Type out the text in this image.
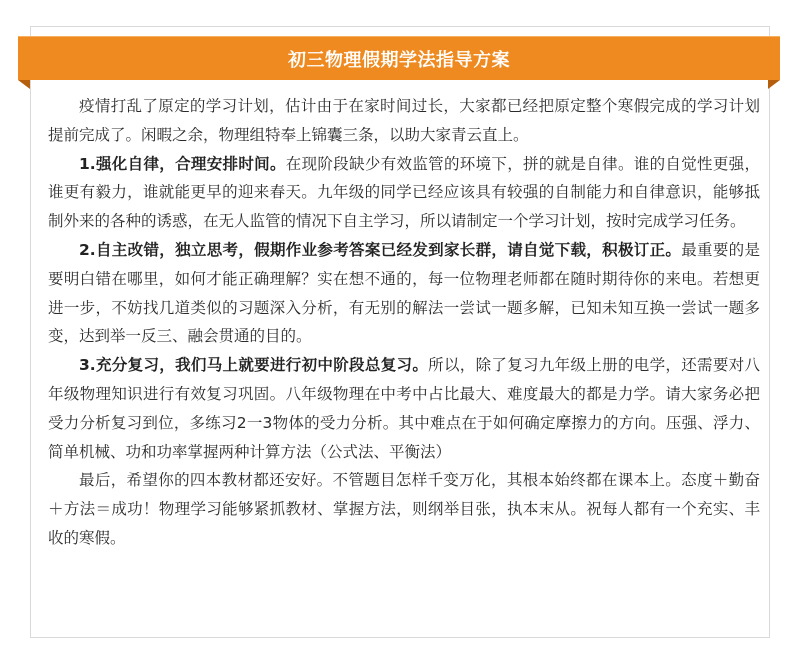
初三物理假期学法指导方案

疫情打乱了原定的学习计划，估计由于在家时间过长，大家都已经把原定整个寒假完成的学习计划提前完成了。闲暇之余，物理组特奉上锦囊三条，以助大家青云直上。

1.强化自律，合理安排时间。在现阶段缺少有效监管的环境下，拼的就是自律。谁的自觉性更强，谁更有毅力，谁就能更早的迎来春天。九年级的同学已经应该具有较强的自制能力和自律意识，能够抵制外来的各种的诱惑，在无人监管的情况下自主学习，所以请制定一个学习计划，按时完成学习任务。

2.自主改错，独立思考，假期作业参考答案已经发到家长群，请自觉下载，积极订正。最重要的是要明白错在哪里，如何才能正确理解？实在想不通的，每一位物理老师都在随时期待你的来电。若想更进一步，不妨找几道类似的习题深入分析，有无别的解法一尝试一题多解，已知未知互换一尝试一题多变，达到举一反三、融会贯通的目的。

3.充分复习，我们马上就要进行初中阶段总复习。所以，除了复习九年级上册的电学，还需要对八年级物理知识进行有效复习巩固。八年级物理在中考中占比最大、难度最大的都是力学。请大家务必把受力分析复习到位，多练习2一3物体的受力分析。其中难点在于如何确定摩擦力的方向。压强、浮力、简单机械、功和功率掌握两种计算方法（公式法、平衡法）

最后，希望你的四本教材都还安好。不管题目怎样千变万化，其根本始终都在课本上。态度＋勤奋＋方法＝成功！物理学习能够紧抓教材、掌握方法，则纲举目张，执本末从。祝每人都有一个充实、丰收的寒假。
